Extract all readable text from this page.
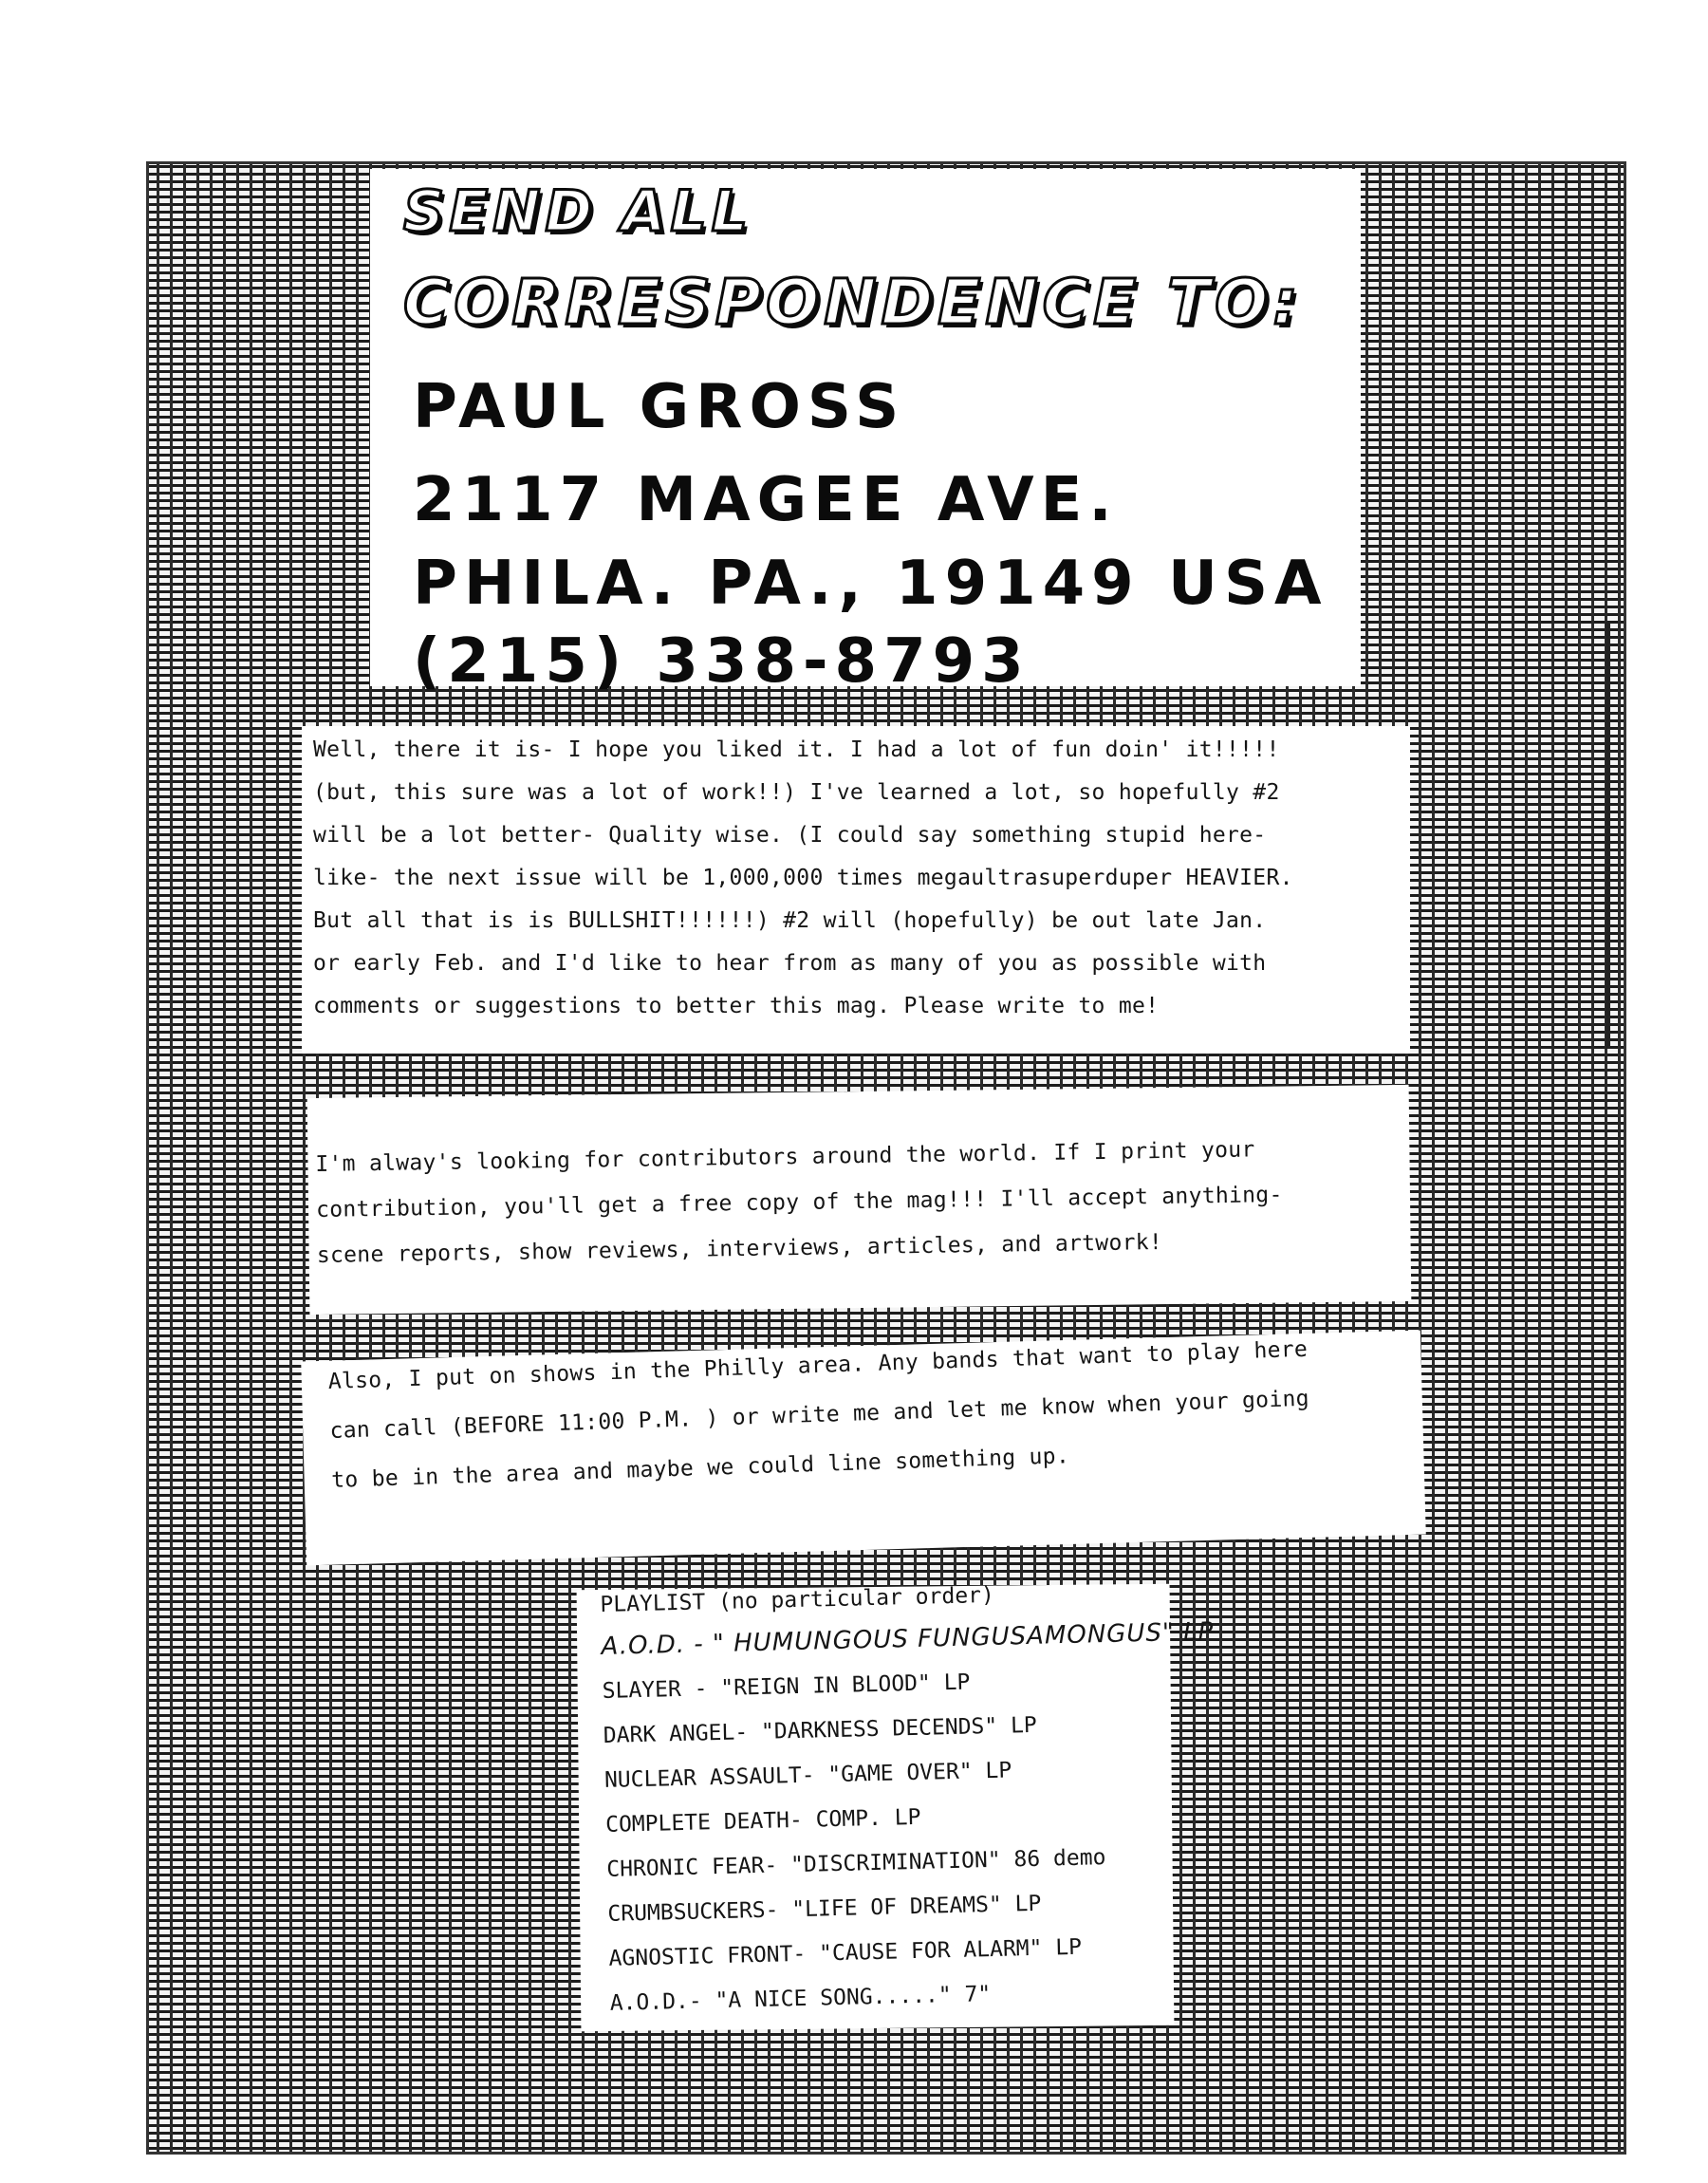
SEND ALL
CORRESPONDENCE TO:
PAUL GROSS
2117 MAGEE AVE.
PHILA. PA., 19149 USA
(215) 338-8793
Well, there it is- I hope you liked it. I had a lot of fun doin' it!!!!!
(but, this sure was a lot of work!!) I've learned a lot, so hopefully #2
will be a lot better- Quality wise. (I could say something stupid here-
like- the next issue will be 1,000,000 times megaultrasuperduper HEAVIER.
But all that is is BULLSHIT!!!!!!) #2 will (hopefully) be out late Jan.
or early Feb. and I'd like to hear from as many of you as possible with
comments or suggestions to better this mag. Please write to me!
I'm alway's looking for contributors around the world. If I print your
contribution, you'll get a free copy of the mag!!! I'll accept anything-
scene reports, show reviews, interviews, articles, and artwork!
Also, I put on shows in the Philly area. Any bands that want to play here
can call (BEFORE 11:00 P.M. ) or write me and let me know when your going
to be in the area and maybe we could line something up.
PLAYLIST (no particular order)
A.O.D. - " HUMUNGOUS FUNGUSAMONGUS" LP
SLAYER - "REIGN IN BLOOD" LP
DARK ANGEL- "DARKNESS DECENDS" LP
NUCLEAR ASSAULT- "GAME OVER" LP
COMPLETE DEATH- COMP. LP
CHRONIC FEAR- "DISCRIMINATION" 86 demo
CRUMBSUCKERS- "LIFE OF DREAMS" LP
AGNOSTIC FRONT- "CAUSE FOR ALARM" LP
A.O.D.- "A NICE SONG....." 7"
